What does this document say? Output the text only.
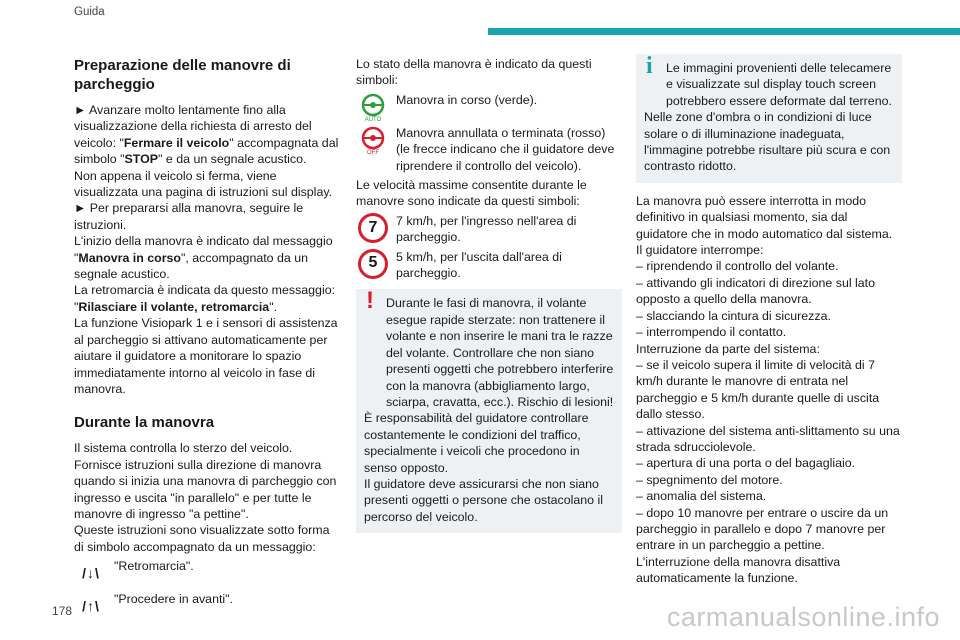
Guida
Preparazione delle manovre di parcheggio

► Avanzare molto lentamente fino alla visualizzazione della richiesta di arresto del veicolo: "Fermare il veicolo" accompagnata dal simbolo "STOP" e da un segnale acustico.

Non appena il veicolo si ferma, viene visualizzata una pagina di istruzioni sul display.

► Per prepararsi alla manovra, seguire le istruzioni.

L'inizio della manovra è indicato dal messaggio "Manovra in corso", accompagnato da un segnale acustico.

La retromarcia è indicata da questo messaggio: "Rilasciare il volante, retromarcia".

La funzione Visiopark 1 e i sensori di assistenza al parcheggio si attivano automaticamente per aiutare il guidatore a monitorare lo spazio immediatamente intorno al veicolo in fase di manovra.

Durante la manovra

Il sistema controlla lo sterzo del veicolo.

Fornisce istruzioni sulla direzione di manovra quando si inizia una manovra di parcheggio con ingresso e uscita "in parallelo" e per tutte le manovre di ingresso "a pettine".

Queste istruzioni sono visualizzate sotto forma di simbolo accompagnato da un messaggio:

/↓\ "Retromarcia".
/↑\ "Procedere in avanti".

Lo stato della manovra è indicato da questi simboli:

AUTO
Manovra in corso (verde).
OFF
Manovra annullata o terminata (rosso) (le frecce indicano che il guidatore deve riprendere il controllo del veicolo).

Le velocità massime consentite durante le manovre sono indicate da questi simboli:

7	7 km/h, per l'ingresso nell'area di parcheggio.
5	5 km/h, per l'uscita dall'area di parcheggio.
! Durante le fasi di manovra, il volante esegue rapide sterzate: non trattenere il volante e non inserire le mani tra le razze del volante. Controllare che non siano presenti oggetti che potrebbero interferire con la manovra (abbigliamento largo, sciarpa, cravatta, ecc.). Rischio di lesioni!

È responsabilità del guidatore controllare costantemente le condizioni del traffico, specialmente i veicoli che procedono in senso opposto.

Il guidatore deve assicurarsi che non siano presenti oggetti o persone che ostacolano il percorso del veicolo.

i	Le immagini provenienti delle telecamere e visualizzate sul display touch screen potrebbero essere deformate dal terreno.

Nelle zone d'ombra o in condizioni di luce solare o di illuminazione inadeguata, l'immagine potrebbe risultare più scura e con contrasto ridotto.

La manovra può essere interrotta in modo definitivo in qualsiasi momento, sia dal guidatore che in modo automatico dal sistema.

Il guidatore interrompe:

– riprendendo il controllo del volante.

– attivando gli indicatori di direzione sul lato opposto a quello della manovra.

– slacciando la cintura di sicurezza.

– interrompendo il contatto.

Interruzione da parte del sistema:

– se il veicolo supera il limite di velocità di 7 km/h durante le manovre di entrata nel parcheggio e 5 km/h durante quelle di uscita dallo stesso.

– attivazione del sistema anti-slittamento su una strada sdrucciolevole.

– apertura di una porta o del bagagliaio.

– spegnimento del motore.

– anomalia del sistema.

– dopo 10 manovre per entrare o uscire da un parcheggio in parallelo e dopo 7 manovre per entrare in un parcheggio a pettine.

L'interruzione della manovra disattiva automaticamente la funzione.

178	carmanualsonline.info
